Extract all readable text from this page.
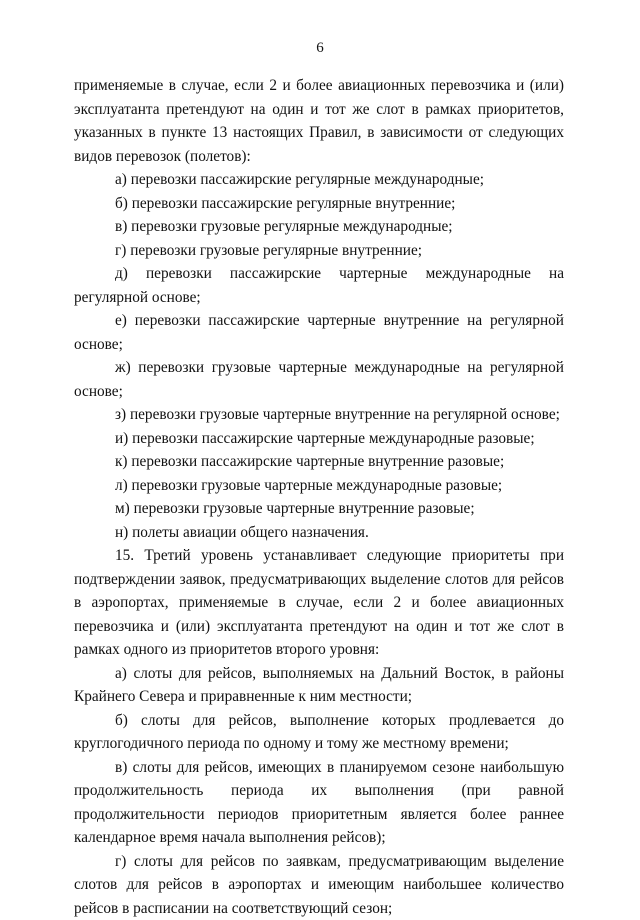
6

применяемые в случае, если 2 и более авиационных перевозчика и (или) эксплуатанта претендуют на один и тот же слот в рамках приоритетов, указанных в пункте 13 настоящих Правил, в зависимости от следующих видов перевозок (полетов):

а) перевозки пассажирские регулярные международные;

б) перевозки пассажирские регулярные внутренние;

в) перевозки грузовые регулярные международные;

г) перевозки грузовые регулярные внутренние;

д) перевозки пассажирские чартерные международные на регулярной основе;

е) перевозки пассажирские чартерные внутренние на регулярной основе;

ж) перевозки грузовые чартерные международные на регулярной основе;

з) перевозки грузовые чартерные внутренние на регулярной основе;

и) перевозки пассажирские чартерные международные разовые;

к) перевозки пассажирские чартерные внутренние разовые;

л) перевозки грузовые чартерные международные разовые;

м) перевозки грузовые чартерные внутренние разовые;

н) полеты авиации общего назначения.

15. Третий уровень устанавливает следующие приоритеты при подтверждении заявок, предусматривающих выделение слотов для рейсов в аэропортах, применяемые в случае, если 2 и более авиационных перевозчика и (или) эксплуатанта претендуют на один и тот же слот в рамках одного из приоритетов второго уровня:

а) слоты для рейсов, выполняемых на Дальний Восток, в районы Крайнего Севера и приравненные к ним местности;

б) слоты для рейсов, выполнение которых продлевается до круглогодичного периода по одному и тому же местному времени;

в) слоты для рейсов, имеющих в планируемом сезоне наибольшую продолжительность периода их выполнения (при равной продолжительности периодов приоритетным является более раннее календарное время начала выполнения рейсов);

г) слоты для рейсов по заявкам, предусматривающим выделение слотов для рейсов в аэропортах и имеющим наибольшее количество рейсов в расписании на соответствующий сезон;
